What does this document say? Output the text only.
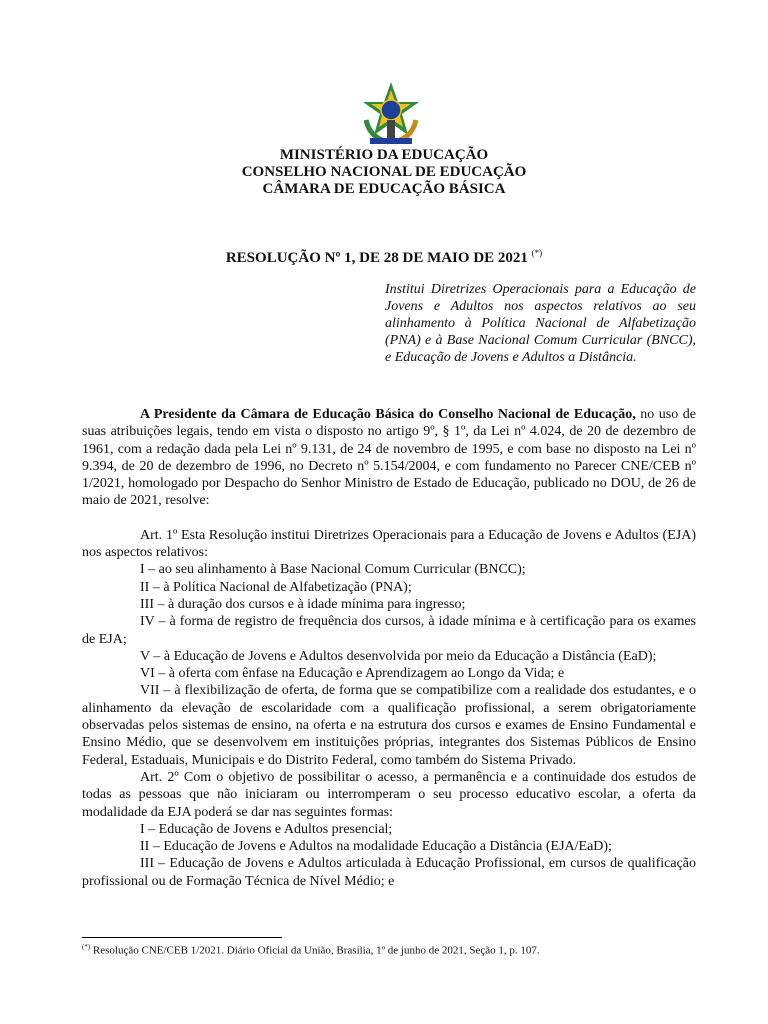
MINISTÉRIO DA EDUCAÇÃO
CONSELHO NACIONAL DE EDUCAÇÃO
CÂMARA DE EDUCAÇÃO BÁSICA
RESOLUÇÃO Nº 1, DE 28 DE MAIO DE 2021 (*)
Institui Diretrizes Operacionais para a Educação de Jovens e Adultos nos aspectos relativos ao seu alinhamento à Política Nacional de Alfabetização (PNA) e à Base Nacional Comum Curricular (BNCC), e Educação de Jovens e Adultos a Distância.

A Presidente da Câmara de Educação Básica do Conselho Nacional de Educação, no uso de suas atribuições legais, tendo em vista o disposto no artigo 9º, § 1º, da Lei nº 4.024, de 20 de dezembro de 1961, com a redação dada pela Lei nº 9.131, de 24 de novembro de 1995, e com base no disposto na Lei nº 9.394, de 20 de dezembro de 1996, no Decreto nº 5.154/2004, e com fundamento no Parecer CNE/CEB nº 1/2021, homologado por Despacho do Senhor Ministro de Estado de Educação, publicado no DOU, de 26 de maio de 2021, resolve:

Art. 1º Esta Resolução institui Diretrizes Operacionais para a Educação de Jovens e Adultos (EJA) nos aspectos relativos:

I – ao seu alinhamento à Base Nacional Comum Curricular (BNCC);

II – à Política Nacional de Alfabetização (PNA);

III – à duração dos cursos e à idade mínima para ingresso;

IV – à forma de registro de frequência dos cursos, à idade mínima e à certificação para os exames de EJA;

V – à Educação de Jovens e Adultos desenvolvida por meio da Educação a Distância (EaD);

VI – à oferta com ênfase na Educação e Aprendizagem ao Longo da Vida; e

VII – à flexibilização de oferta, de forma que se compatibilize com a realidade dos estudantes, e o alinhamento da elevação de escolaridade com a qualificação profissional, a serem obrigatoriamente observadas pelos sistemas de ensino, na oferta e na estrutura dos cursos e exames de Ensino Fundamental e Ensino Médio, que se desenvolvem em instituições próprias, integrantes dos Sistemas Públicos de Ensino Federal, Estaduais, Municipais e do Distrito Federal, como também do Sistema Privado.

Art. 2º Com o objetivo de possibilitar o acesso, a permanência e a continuidade dos estudos de todas as pessoas que não iniciaram ou interromperam o seu processo educativo escolar, a oferta da modalidade da EJA poderá se dar nas seguintes formas:

I – Educação de Jovens e Adultos presencial;

II – Educação de Jovens e Adultos na modalidade Educação a Distância (EJA/EaD);

III – Educação de Jovens e Adultos articulada à Educação Profissional, em cursos de qualificação profissional ou de Formação Técnica de Nível Médio; e

(*) Resolução CNE/CEB 1/2021. Diário Oficial da União, Brasília, 1º de junho de 2021, Seção 1, p. 107.
